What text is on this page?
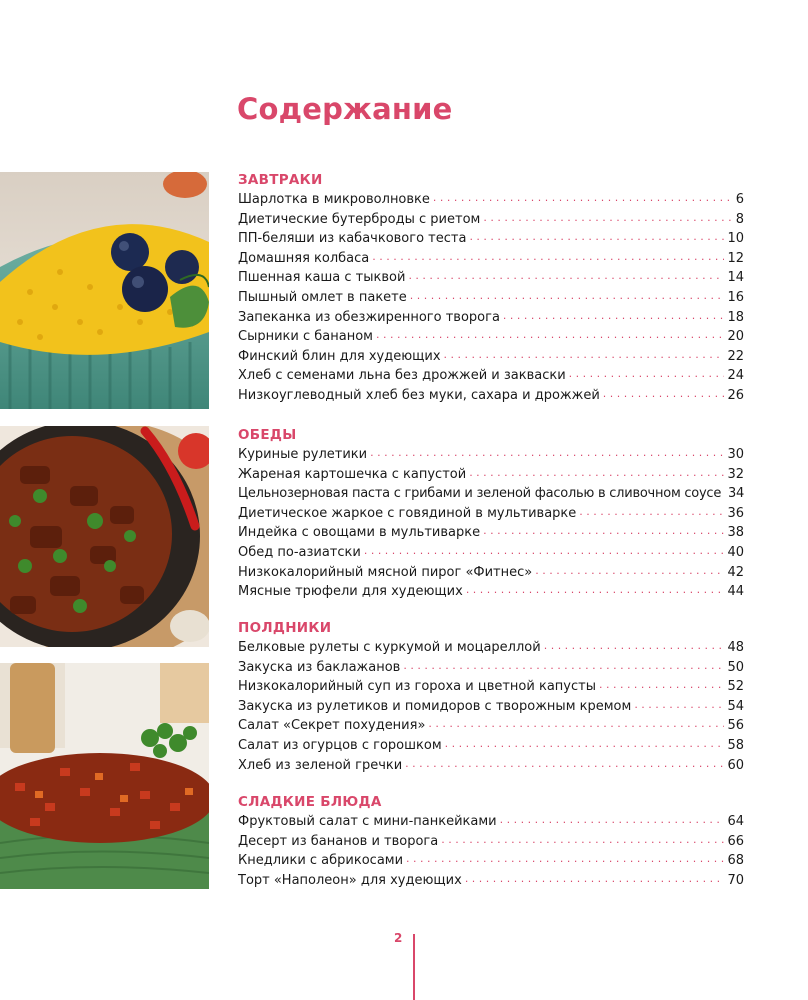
Содержание
ЗАВТРАКИ
Шарлотка в микроволновке . . .	6
Диетические бутерброды с риетом . . .	8
ПП-беляши из кабачкового теста . . .	10
Домашняя колбаса . . .	12
Пшенная каша с тыквой . . .	14
Пышный омлет в пакете . . .	16
Запеканка из обезжиренного творога . . .	18
Сырники с бананом . . .	20
Финский блин для худеющих . . .	22
Хлеб с семенами льна без дрожжей и закваски . . .	24
Низкоуглеводный хлеб без муки, сахара и дрожжей . . .	26
ОБЕДЫ
Куриные рулетики . . .	30
Жареная картошечка с капустой . . .	32
Цельнозерновая паста с грибами и зеленой фасолью в сливочном соусе . . . 34
Диетическое жаркое с говядиной в мультиварке . . .	36
Индейка с овощами в мультиварке . . .	38
Обед по-азиатски . . .	40
Низкокалорийный мясной пирог «Фитнес» . . .	42
Мясные трюфели для худеющих . . .	44
ПОЛДНИКИ
Белковые рулеты с куркумой и моцареллой . . .	48
Закуска из баклажанов . . .	50
Низкокалорийный суп из гороха и цветной капусты . . .	52
Закуска из рулетиков и помидоров с творожным кремом . . .	54
Салат «Секрет похудения» . . .	56
Салат из огурцов с горошком . . .	58
Хлеб из зеленой гречки . . .	60
СЛАДКИЕ БЛЮДА
Фруктовый салат с мини-панкейками . . .	64
Десерт из бананов и творога . . .	66
Кнедлики с абрикосами . . .	68
Торт «Наполеон» для худеющих . . .	70
2
